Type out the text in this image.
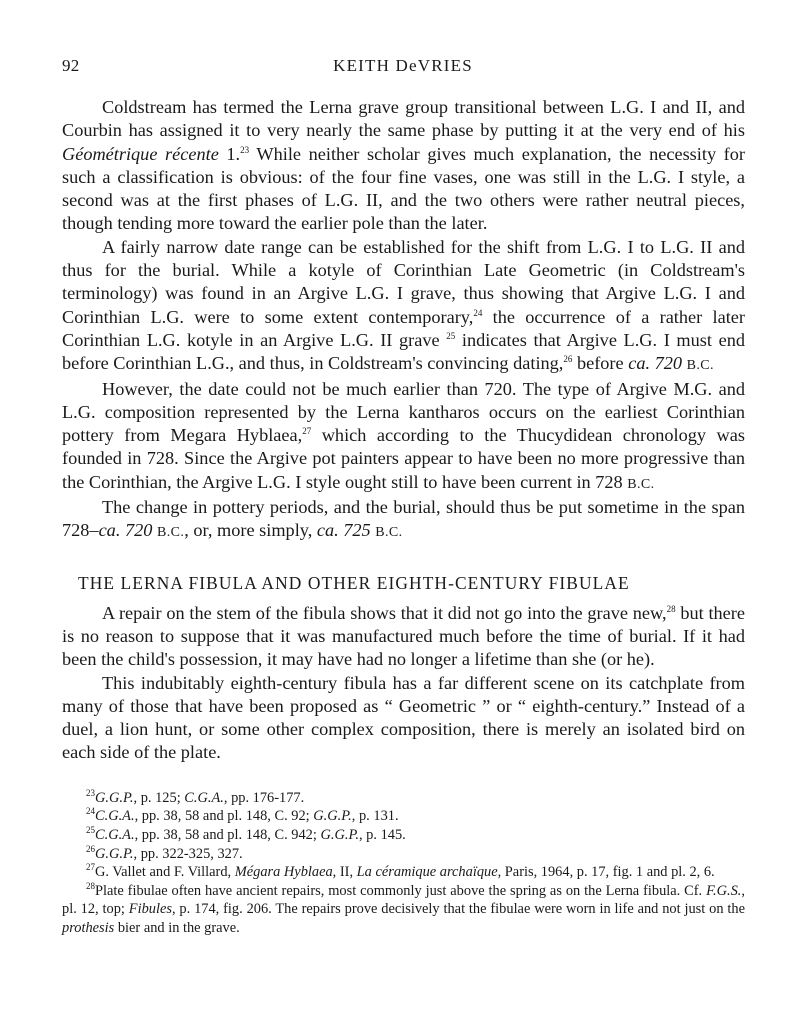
92	KEITH DeVRIES

Coldstream has termed the Lerna grave group transitional between L.G. I and II, and Courbin has assigned it to very nearly the same phase by putting it at the very end of his Géométrique récente 1.23 While neither scholar gives much explanation, the necessity for such a classification is obvious: of the four fine vases, one was still in the L.G. I style, a second was at the first phases of L.G. II, and the two others were rather neutral pieces, though tending more toward the earlier pole than the later.

A fairly narrow date range can be established for the shift from L.G. I to L.G. II and thus for the burial. While a kotyle of Corinthian Late Geometric (in Coldstream's terminology) was found in an Argive L.G. I grave, thus showing that Argive L.G. I and Corinthian L.G. were to some extent contemporary,$^{24}$ the occurrence of a rather later Corinthian L.G. kotyle in an Argive L.G. II grave $^{25}$ indicates that Argive L.G. I must end before Corinthian L.G., and thus, in Coldstream's convincing dating,$^{26}$ before ca. 720 B.C.

However, the date could not be much earlier than 720. The type of Argive M.G. and L.G. composition represented by the Lerna kantharos occurs on the earliest Corinthian pottery from Megara Hyblaea,$^{27}$ which according to the Thucydidean chronology was founded in 728. Since the Argive pot painters appear to have been no more progressive than the Corinthian, the Argive L.G. I style ought still to have been current in 728 B.C.

The change in pottery periods, and the burial, should thus be put sometime in the span 728–ca. 720 B.C., or, more simply, ca. 725 B.C.

THE LERNA FIBULA AND OTHER EIGHTH-CENTURY FIBULAE

A repair on the stem of the fibula shows that it did not go into the grave new,$^{28}$ but there is no reason to suppose that it was manufactured much before the time of burial. If it had been the child's possession, it may have had no longer a lifetime than she (or he).

This indubitably eighth-century fibula has a far different scene on its catchplate from many of those that have been proposed as “ Geometric ” or “ eighth-century.” Instead of a duel, a lion hunt, or some other complex composition, there is merely an isolated bird on each side of the plate.

$^{23}$G.G.P., p. 125; C.G.A., pp. 176-177.

$^{24}$C.G.A., pp. 38, 58 and pl. 148, C. 92; G.G.P., p. 131.

$^{25}$C.G.A., pp. 38, 58 and pl. 148, C. 942; G.G.P., p. 145.

$^{26}$G.G.P., pp. 322-325, 327.

$^{27}$G. Vallet and F. Villard, Mégara Hyblaea, II, La céramique archaïque, Paris, 1964, p. 17, fig. 1 and pl. 2, 6.

$^{28}$Plate fibulae often have ancient repairs, most commonly just above the spring as on the Lerna fibula. Cf. F.G.S., pl. 12, top; Fibules, p. 174, fig. 206. The repairs prove decisively that the fibulae were worn in life and not just on the prothesis bier and in the grave.
